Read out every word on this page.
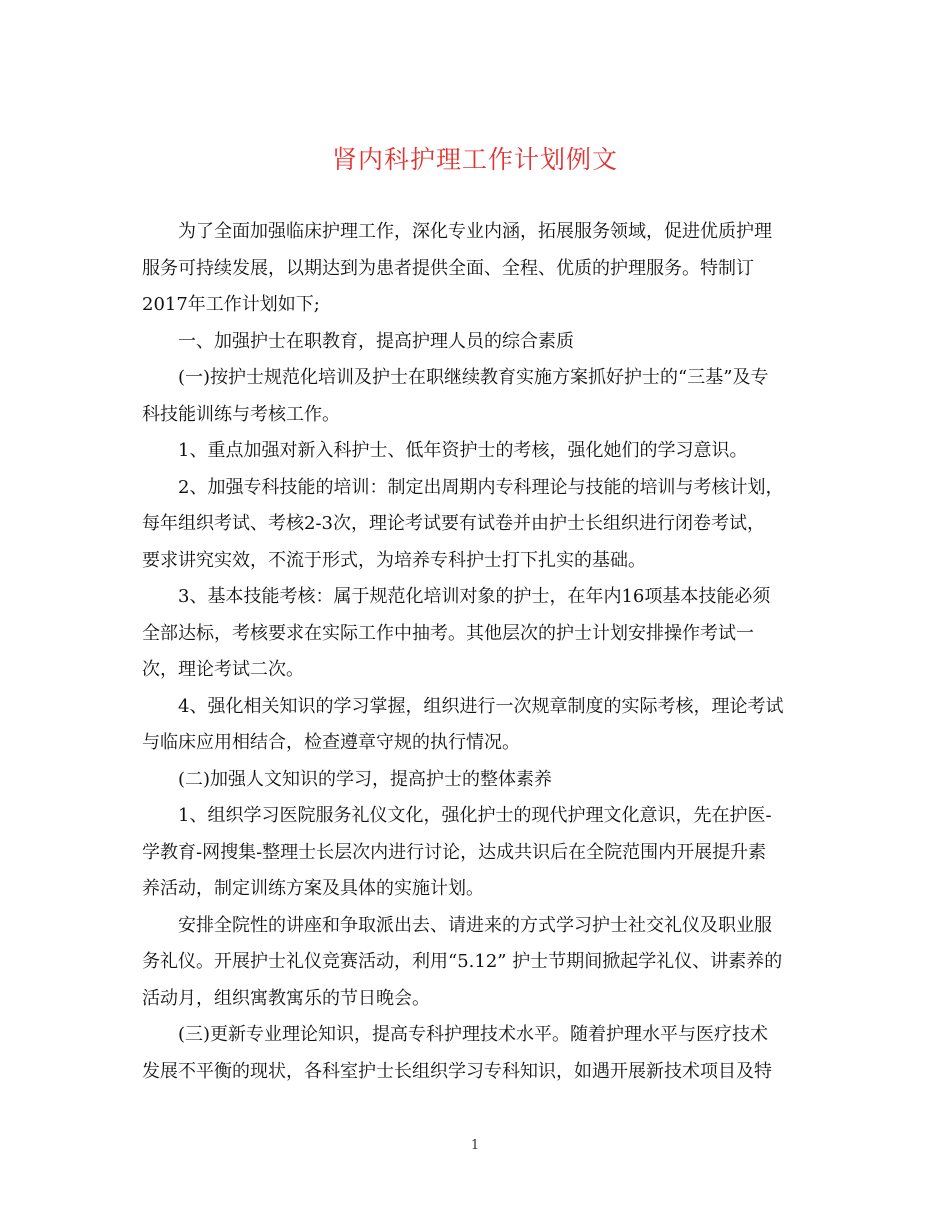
肾内科护理工作计划例文

为了全面加强临床护理工作，深化专业内涵，拓展服务领域，促进优质护理
服务可持续发展，以期达到为患者提供全面、全程、优质的护理服务。特制订
2017年工作计划如下;

一、加强护士在职教育，提高护理人员的综合素质

(一)按护士规范化培训及护士在职继续教育实施方案抓好护士的“三基”及专
科技能训练与考核工作。

1、重点加强对新入科护士、低年资护士的考核，强化她们的学习意识。

2、加强专科技能的培训：制定出周期内专科理论与技能的培训与考核计划，
每年组织考试、考核2-3次，理论考试要有试卷并由护士长组织进行闭卷考试，
要求讲究实效，不流于形式，为培养专科护士打下扎实的基础。

3、基本技能考核：属于规范化培训对象的护士，在年内16项基本技能必须
全部达标，考核要求在实际工作中抽考。其他层次的护士计划安排操作考试一
次，理论考试二次。

4、强化相关知识的学习掌握，组织进行一次规章制度的实际考核，理论考试
与临床应用相结合，检查遵章守规的执行情况。

(二)加强人文知识的学习，提高护士的整体素养

1、组织学习医院服务礼仪文化，强化护士的现代护理文化意识，先在护医-
学教育-网搜集-整理士长层次内进行讨论，达成共识后在全院范围内开展提升素
养活动，制定训练方案及具体的实施计划。

安排全院性的讲座和争取派出去、请进来的方式学习护士社交礼仪及职业服
务礼仪。开展护士礼仪竞赛活动，利用“5.12” 护士节期间掀起学礼仪、讲素养的
活动月，组织寓教寓乐的节日晚会。

(三)更新专业理论知识，提高专科护理技术水平。随着护理水平与医疗技术
发展不平衡的现状，各科室护士长组织学习专科知识，如遇开展新技术项目及特

1
